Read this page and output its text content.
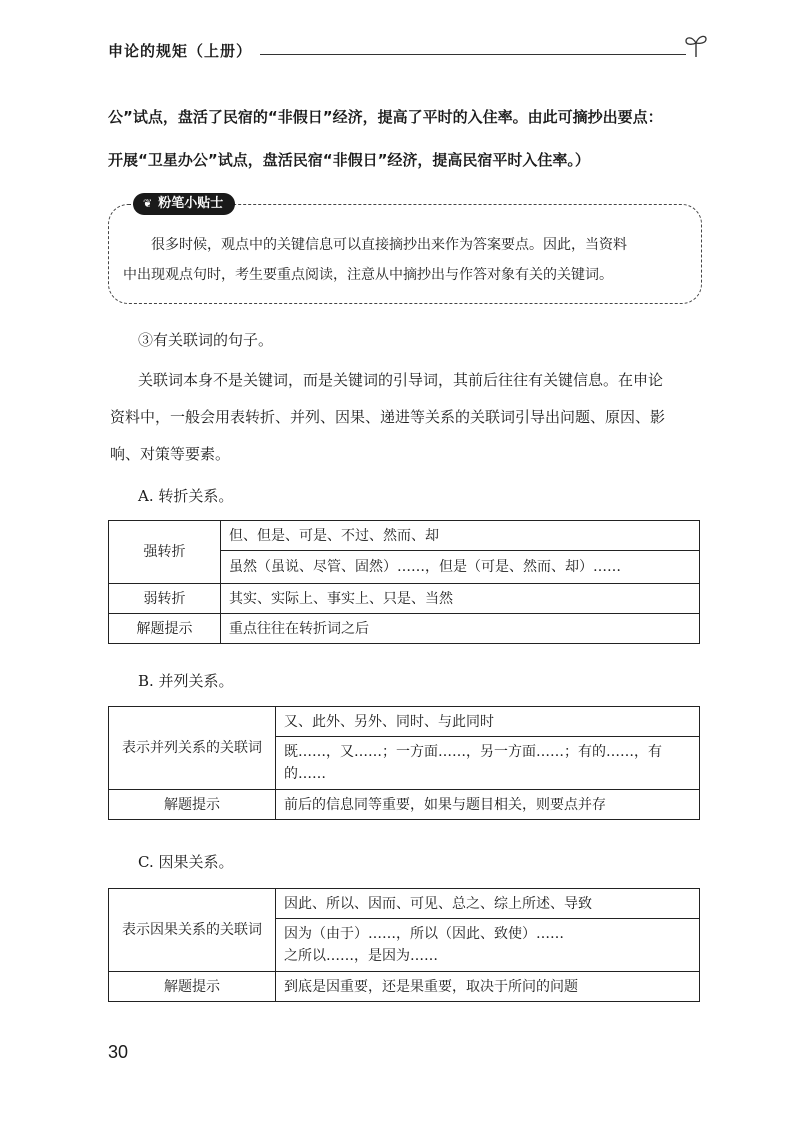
申论的规矩（上册）
公”试点，盘活了民宿的“非假日”经济，提高了平时的入住率。由此可摘抄出要点：
开展“卫星办公”试点，盘活民宿“非假日”经济，提高民宿平时入住率。）
❦ 粉笔小贴士
很多时候，观点中的关键信息可以直接摘抄出来作为答案要点。因此，当资料
中出现观点句时，考生要重点阅读，注意从中摘抄出与作答对象有关的关键词。
③有关联词的句子。
关联词本身不是关键词，而是关键词的引导词，其前后往往有关键信息。在申论
资料中，一般会用表转折、并列、因果、递进等关系的关联词引导出问题、原因、影
响、对策等要素。
A. 转折关系。
强转折	但、但是、可是、不过、然而、却
	虽然（虽说、尽管、固然）……，但是（可是、然而、却）……
弱转折	其实、实际上、事实上、只是、当然
解题提示	重点往往在转折词之后
B. 并列关系。
表示并列关系的关联词	又、此外、另外、同时、与此同时

	既……，又……；一方面……，另一方面……；有的……，有
的……

解题提示	前后的信息同等重要，如果与题目相关，则要点并存
C. 因果关系。
表示因果关系的关联词	因此、所以、因而、可见、总之、综上所述、导致

	因为（由于）……，所以（因此、致使）……
之所以……，是因为……

解题提示	到底是因重要，还是果重要，取决于所问的问题
30
